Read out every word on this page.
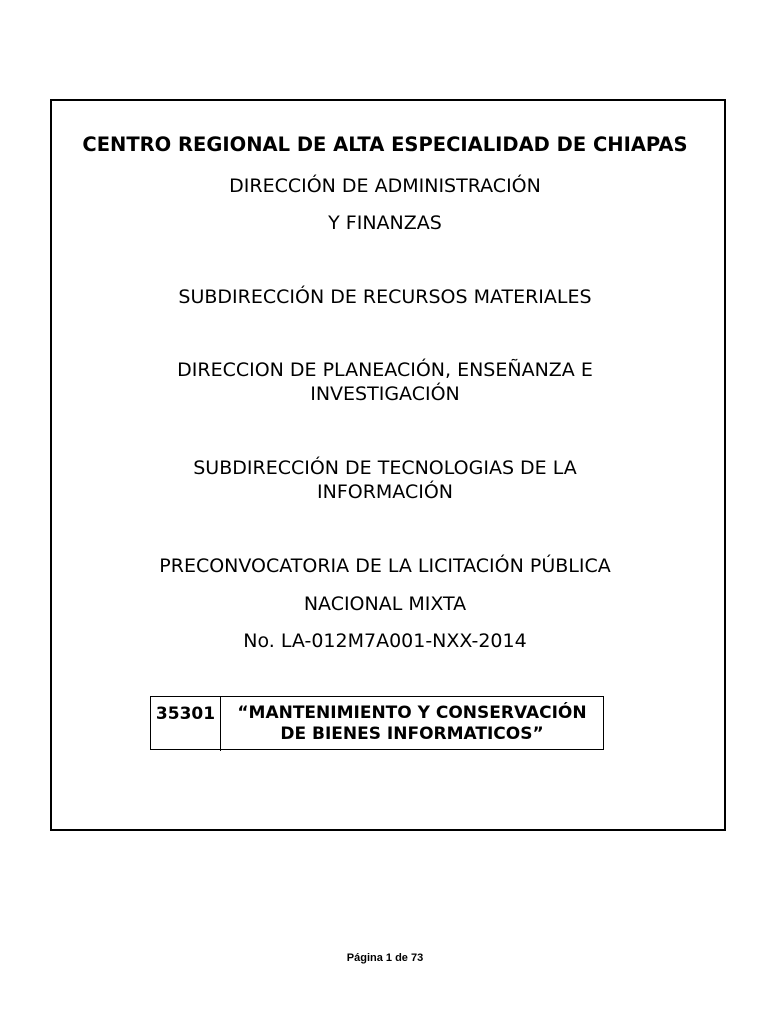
CENTRO REGIONAL DE ALTA ESPECIALIDAD DE CHIAPAS
DIRECCIÓN DE ADMINISTRACIÓN
Y FINANZAS
SUBDIRECCIÓN DE RECURSOS MATERIALES
DIRECCION DE PLANEACIÓN, ENSEÑANZA E
INVESTIGACIÓN
SUBDIRECCIÓN DE TECNOLOGIAS DE LA
INFORMACIÓN
PRECONVOCATORIA DE LA LICITACIÓN PÚBLICA
NACIONAL MIXTA
No. LA-012M7A001-NXX-2014
35301	“MANTENIMIENTO Y CONSERVACIÓN
DE BIENES INFORMATICOS”
Página 1 de 73
